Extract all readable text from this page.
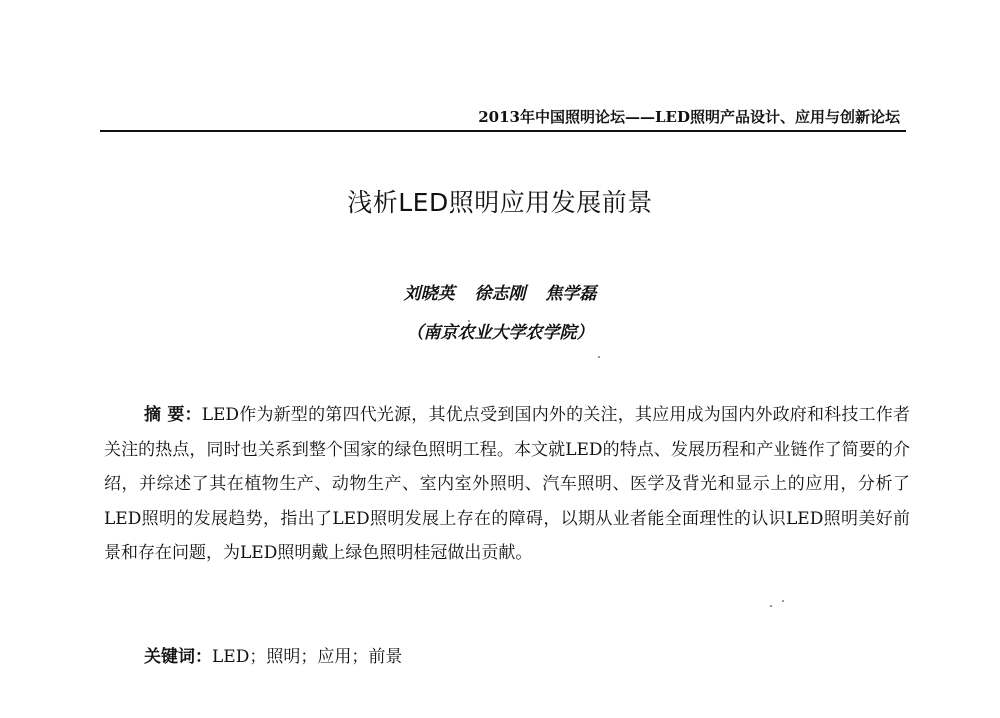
2013年中国照明论坛——LED照明产品设计、应用与创新论坛
浅析LED照明应用发展前景
刘晓英 徐志刚 焦学磊
（南京农业大学农学院）
摘 要：LED作为新型的第四代光源，其优点受到国内外的关注，其应用成为国内外政府和科技工作者关注的热点，同时也关系到整个国家的绿色照明工程。本文就LED的特点、发展历程和产业链作了简要的介绍，并综述了其在植物生产、动物生产、室内室外照明、汽车照明、医学及背光和显示上的应用，分析了LED照明的发展趋势，指出了LED照明发展上存在的障碍，以期从业者能全面理性的认识LED照明美好前景和存在问题，为LED照明戴上绿色照明桂冠做出贡献。
关键词：LED；照明；应用；前景
